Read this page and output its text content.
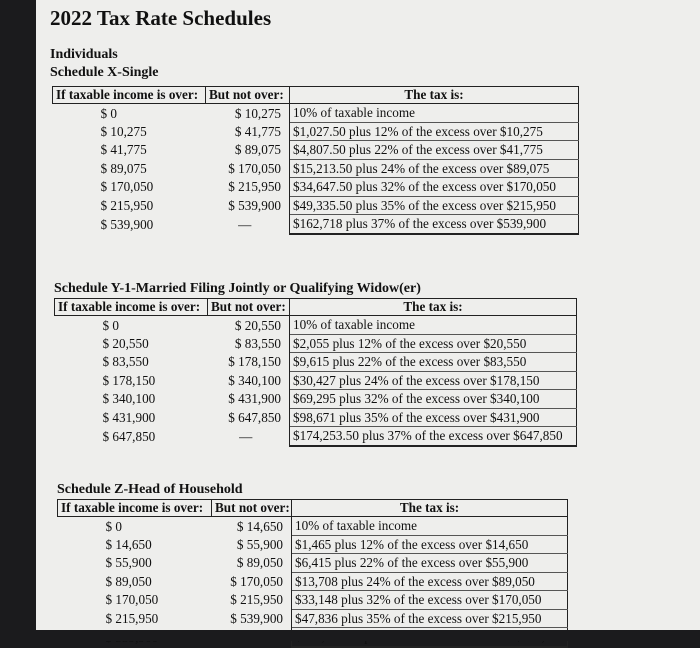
2022 Tax Rate Schedules
Individuals
Schedule X-Single
If taxable income is over:	But not over:	The tax is:
$ 0	$ 10,275	10% of taxable income
$ 10,275	$ 41,775	$1,027.50 plus 12% of the excess over $10,275
$ 41,775	$ 89,075	$4,807.50 plus 22% of the excess over $41,775
$ 89,075	$ 170,050	$15,213.50 plus 24% of the excess over $89,075
$ 170,050	$ 215,950	$34,647.50 plus 32% of the excess over $170,050
$ 215,950	$ 539,900	$49,335.50 plus 35% of the excess over $215,950
$ 539,900	—	$162,718 plus 37% of the excess over $539,900
Schedule Y-1-Married Filing Jointly or Qualifying Widow(er)
If taxable income is over:	But not over:	The tax is:
$ 0	$ 20,550	10% of taxable income
$ 20,550	$ 83,550	$2,055 plus 12% of the excess over $20,550
$ 83,550	$ 178,150	$9,615 plus 22% of the excess over $83,550
$ 178,150	$ 340,100	$30,427 plus 24% of the excess over $178,150
$ 340,100	$ 431,900	$69,295 plus 32% of the excess over $340,100
$ 431,900	$ 647,850	$98,671 plus 35% of the excess over $431,900
$ 647,850	—	$174,253.50 plus 37% of the excess over $647,850
Schedule Z-Head of Household
If taxable income is over:	But not over:	The tax is:
$ 0	$ 14,650	10% of taxable income
$ 14,650	$ 55,900	$1,465 plus 12% of the excess over $14,650
$ 55,900	$ 89,050	$6,415 plus 22% of the excess over $55,900
$ 89,050	$ 170,050	$13,708 plus 24% of the excess over $89,050
$ 170,050	$ 215,950	$33,148 plus 32% of the excess over $170,050
$ 215,950	$ 539,900	$47,836 plus 35% of the excess over $215,950
